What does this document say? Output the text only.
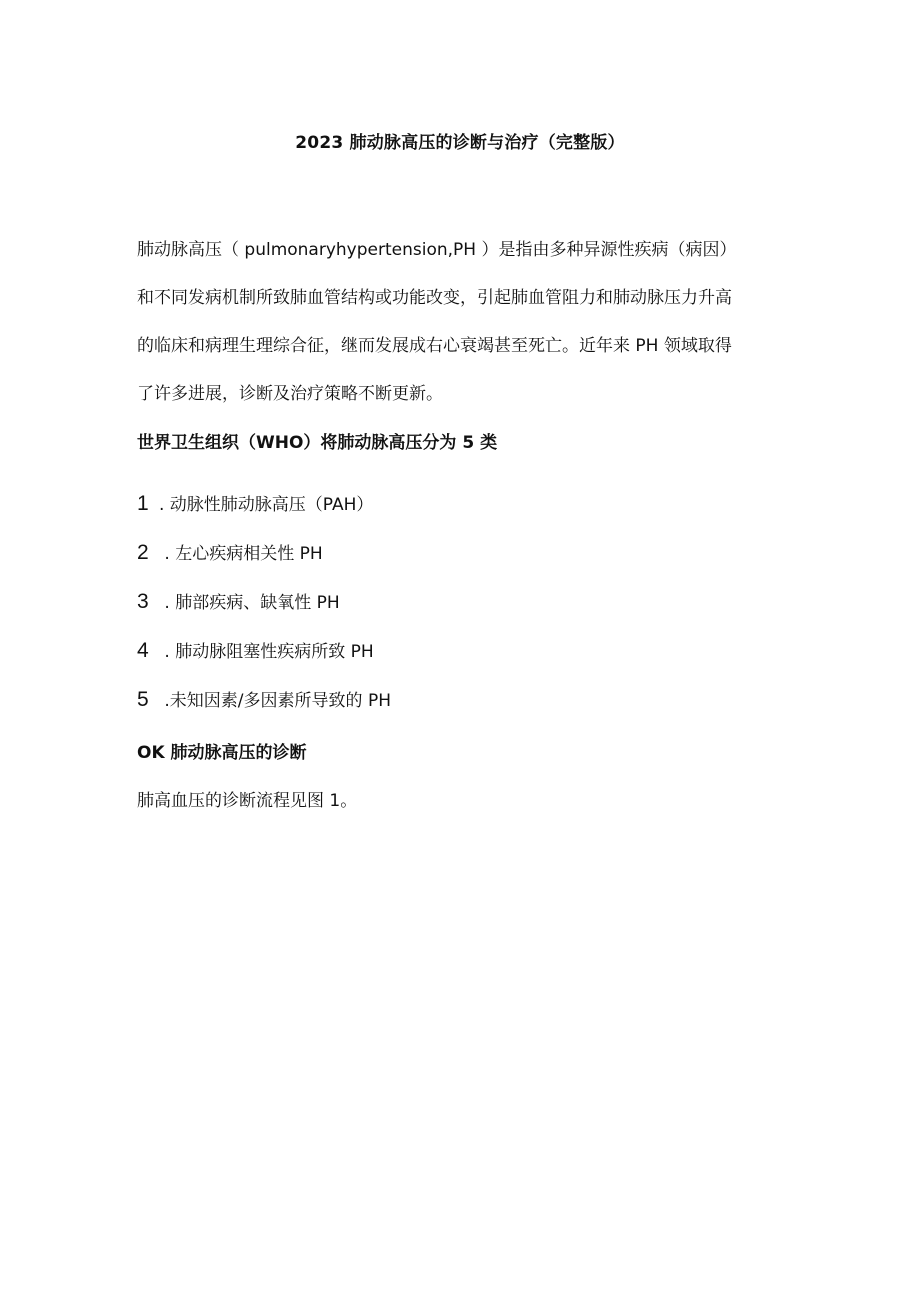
2023 肺动脉高压的诊断与治疗（完整版）

肺动脉高压（ pulmonaryhypertension,PH ）是指由多种异源性疾病（病因）
和不同发病机制所致肺血管结构或功能改变，引起肺血管阻力和肺动脉压力升高
的临床和病理生理综合征，继而发展成右心衰竭甚至死亡。近年来 PH 领域取得
了许多进展，诊断及治疗策略不断更新。

世界卫生组织（WHO）将肺动脉高压分为 5 类
1 . 动脉性肺动脉高压（PAH）
2 . 左心疾病相关性 PH
3 . 肺部疾病、缺氧性 PH
4 . 肺动脉阻塞性疾病所致 PH
5 .未知因素/多因素所导致的 PH
OK 肺动脉高压的诊断
肺高血压的诊断流程见图 1。
